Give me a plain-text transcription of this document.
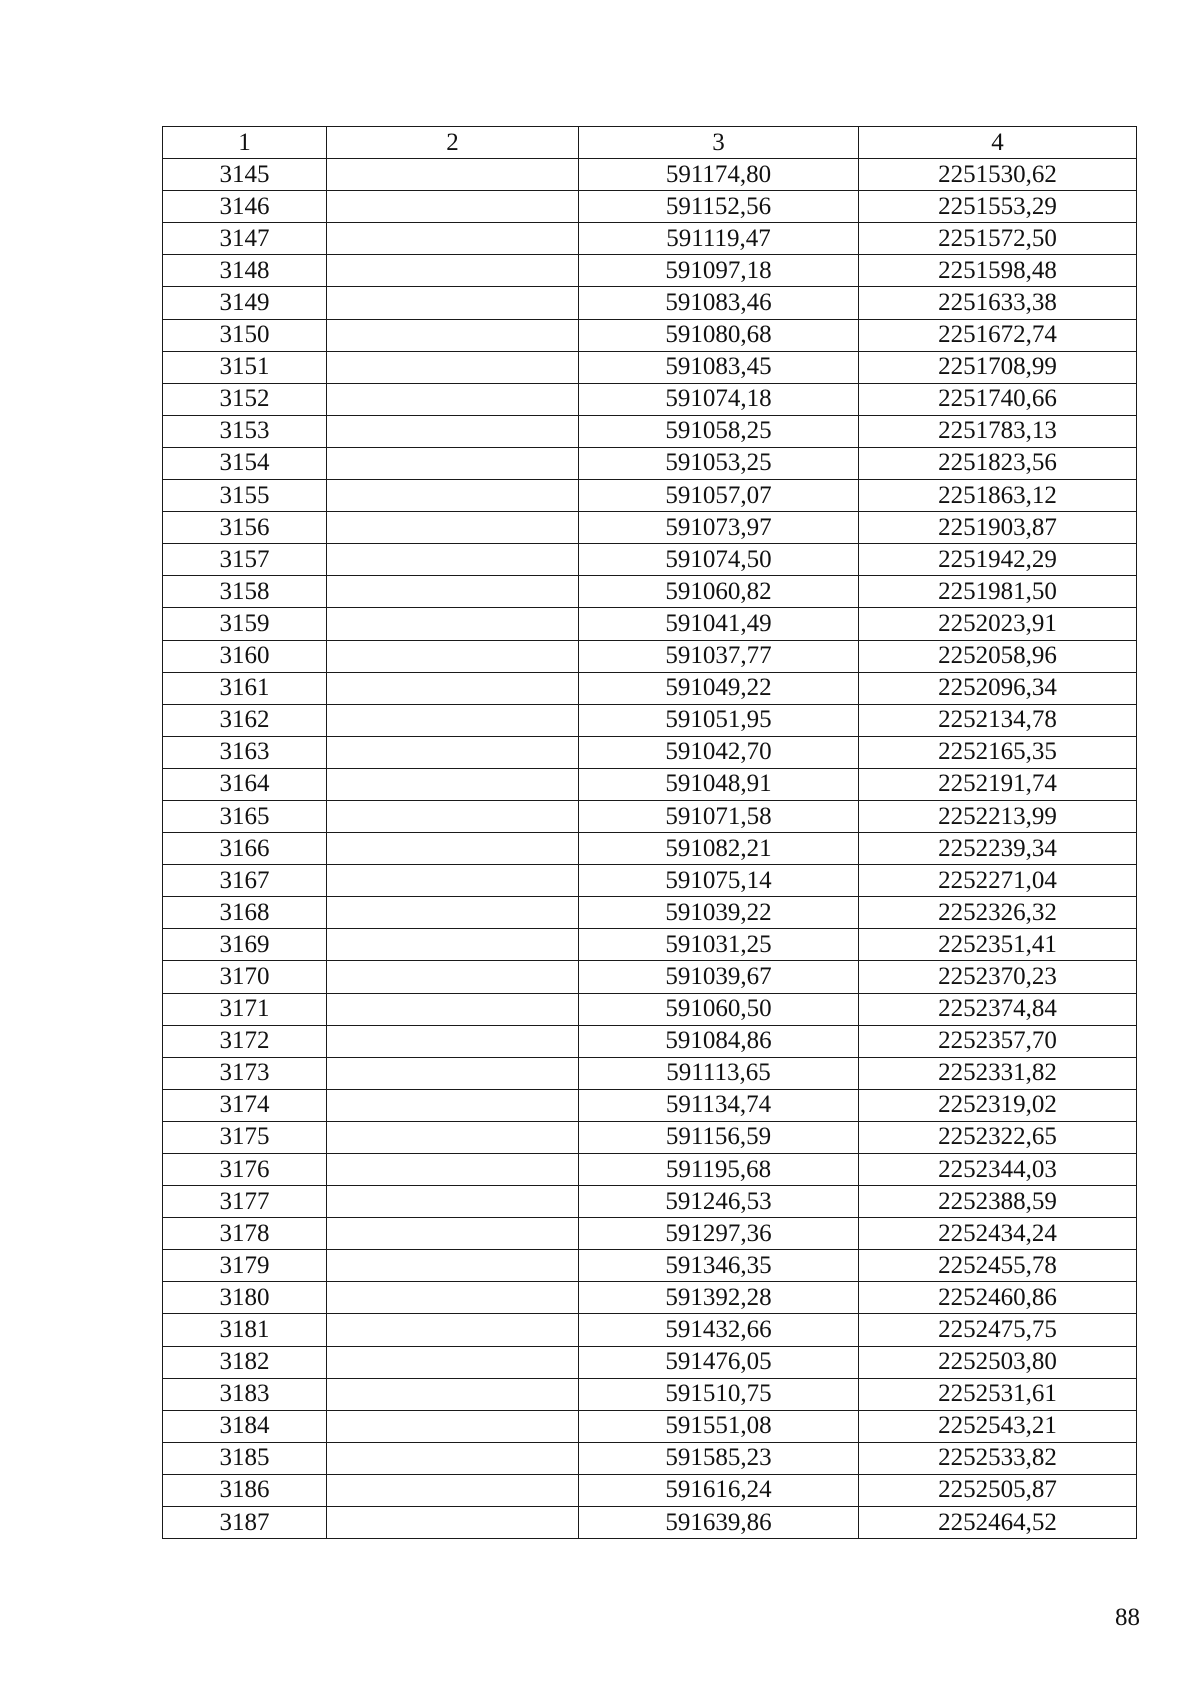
1	2	3	4
3145		591174,80	2251530,62
3146		591152,56	2251553,29
3147		591119,47	2251572,50
3148		591097,18	2251598,48
3149		591083,46	2251633,38
3150		591080,68	2251672,74
3151		591083,45	2251708,99
3152		591074,18	2251740,66
3153		591058,25	2251783,13
3154		591053,25	2251823,56
3155		591057,07	2251863,12
3156		591073,97	2251903,87
3157		591074,50	2251942,29
3158		591060,82	2251981,50
3159		591041,49	2252023,91
3160		591037,77	2252058,96
3161		591049,22	2252096,34
3162		591051,95	2252134,78
3163		591042,70	2252165,35
3164		591048,91	2252191,74
3165		591071,58	2252213,99
3166		591082,21	2252239,34
3167		591075,14	2252271,04
3168		591039,22	2252326,32
3169		591031,25	2252351,41
3170		591039,67	2252370,23
3171		591060,50	2252374,84
3172		591084,86	2252357,70
3173		591113,65	2252331,82
3174		591134,74	2252319,02
3175		591156,59	2252322,65
3176		591195,68	2252344,03
3177		591246,53	2252388,59
3178		591297,36	2252434,24
3179		591346,35	2252455,78
3180		591392,28	2252460,86
3181		591432,66	2252475,75
3182		591476,05	2252503,80
3183		591510,75	2252531,61
3184		591551,08	2252543,21
3185		591585,23	2252533,82
3186		591616,24	2252505,87
3187		591639,86	2252464,52
88
